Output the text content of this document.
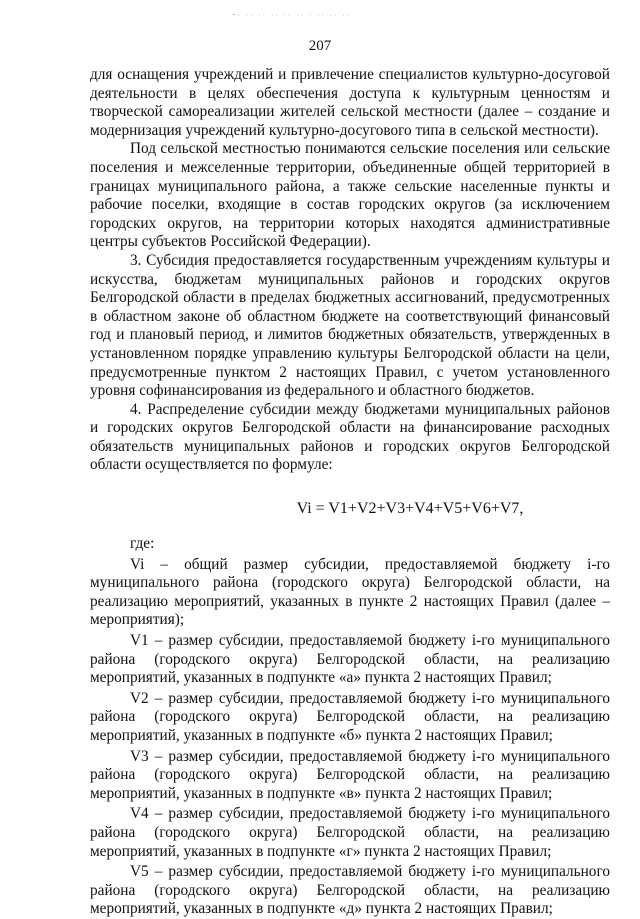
⁃· ·· ·· ·· ·· ·· · ·· ·· ··
207

для оснащения учреждений и привлечение специалистов культурно-досуговой деятельности в целях обеспечения доступа к культурным ценностям и творческой самореализации жителей сельской местности (далее – создание и модернизация учреждений культурно-досугового типа в сельской местности).

Под сельской местностью понимаются сельские поселения или сельские поселения и межселенные территории, объединенные общей территорией в границах муниципального района, а также сельские населенные пункты и рабочие поселки, входящие в состав городских округов (за исключением городских округов, на территории которых находятся административные центры субъектов Российской Федерации).

3. Субсидия предоставляется государственным учреждениям культуры и искусства, бюджетам муниципальных районов и городских округов Белгородской области в пределах бюджетных ассигнований, предусмотренных в областном законе об областном бюджете на соответствующий финансовый год и плановый период, и лимитов бюджетных обязательств, утвержденных в установленном порядке управлению культуры Белгородской области на цели, предусмотренные пунктом 2 настоящих Правил, с учетом установленного уровня софинансирования из федерального и областного бюджетов.

4. Распределение субсидии между бюджетами муниципальных районов и городских округов Белгородской области на финансирование расходных обязательств муниципальных районов и городских округов Белгородской области осуществляется по формуле:

Vi = V1+V2+V3+V4+V5+V6+V7,

где:

Vi – общий размер субсидии, предоставляемой бюджету i-го муниципального района (городского округа) Белгородской области, на реализацию мероприятий, указанных в пункте 2 настоящих Правил (далее – мероприятия);

V1 – размер субсидии, предоставляемой бюджету i-го муниципального района (городского округа) Белгородской области, на реализацию мероприятий, указанных в подпункте «а» пункта 2 настоящих Правил;

V2 – размер субсидии, предоставляемой бюджету i-го муниципального района (городского округа) Белгородской области, на реализацию мероприятий, указанных в подпункте «б» пункта 2 настоящих Правил;

V3 – размер субсидии, предоставляемой бюджету i-го муниципального района (городского округа) Белгородской области, на реализацию мероприятий, указанных в подпункте «в» пункта 2 настоящих Правил;

V4 – размер субсидии, предоставляемой бюджету i-го муниципального района (городского округа) Белгородской области, на реализацию мероприятий, указанных в подпункте «г» пункта 2 настоящих Правил;

V5 – размер субсидии, предоставляемой бюджету i-го муниципального района (городского округа) Белгородской области, на реализацию мероприятий, указанных в подпункте «д» пункта 2 настоящих Правил;
